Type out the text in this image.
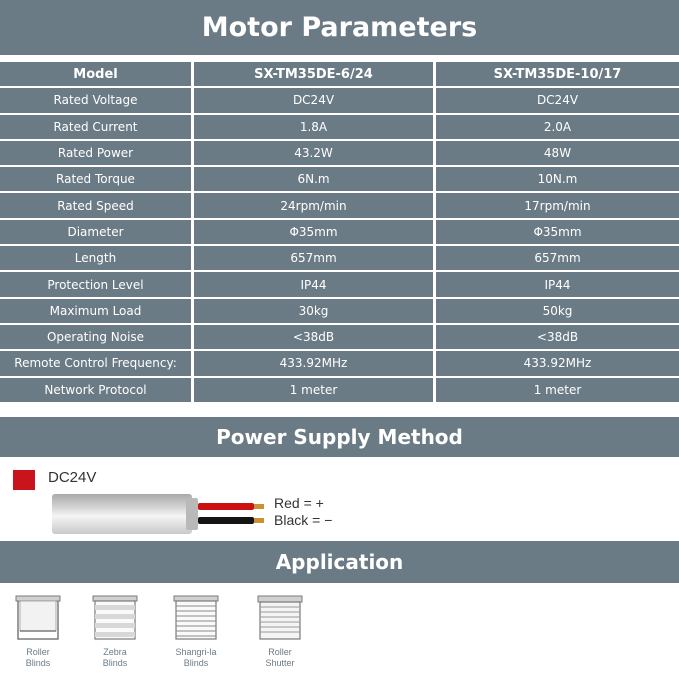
Motor Parameters
Model	SX-TM35DE-6/24	SX-TM35DE-10/17
Rated Voltage	DC24V	DC24V
Rated Current	1.8A	2.0A
Rated Power	43.2W	48W
Rated Torque	6N.m	10N.m
Rated Speed	24rpm/min	17rpm/min
Diameter	Φ35mm	Φ35mm
Length	657mm	657mm
Protection Level	IP44	IP44
Maximum Load	30kg	50kg
Operating Noise	<38dB	<38dB
Remote Control Frequency:	433.92MHz	433.92MHz
Network Protocol	1 meter	1 meter
Power Supply Method
DC24V
Red = +
Black = −
Application
Roller
Blinds
Zebra
Blinds
Shangri-la
Blinds
Roller
Shutter
